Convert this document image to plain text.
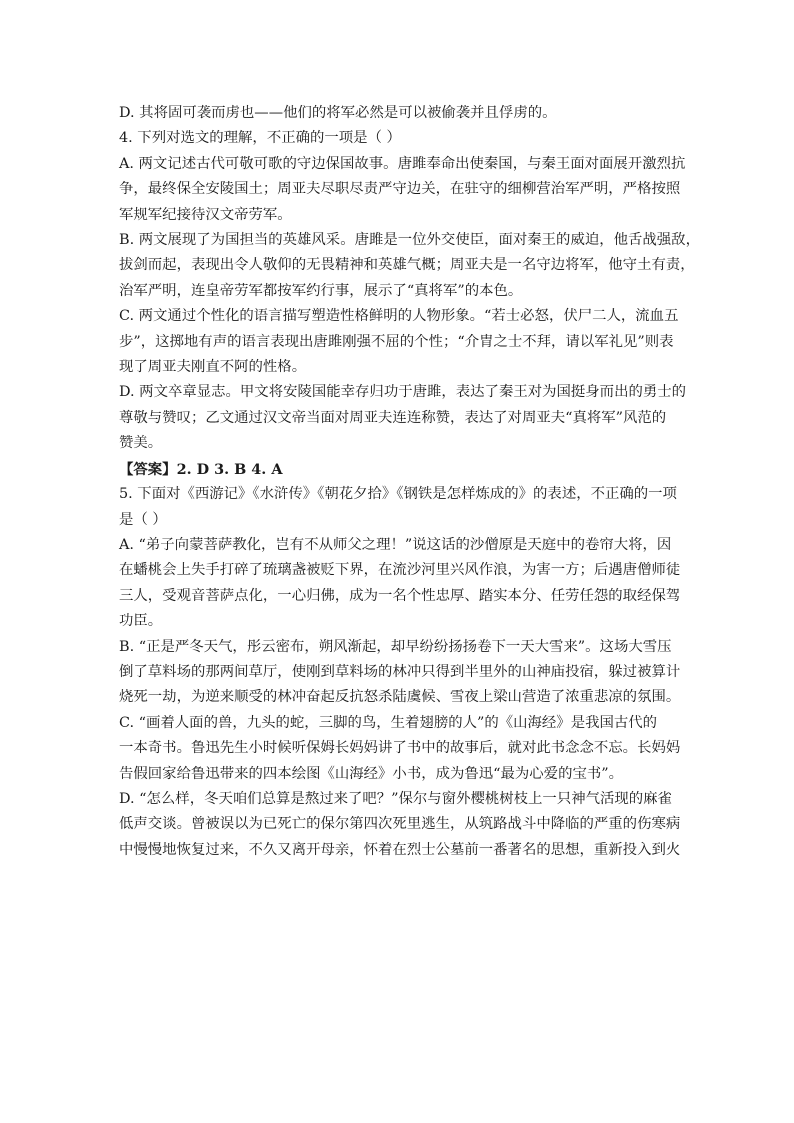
D. 其将固可袭而虏也——他们的将军必然是可以被偷袭并且俘虏的。

4. 下列对选文的理解，不正确的一项是（ ）

A. 两文记述古代可敬可歌的守边保国故事。唐雎奉命出使秦国，与秦王面对面展开激烈抗

争，最终保全安陵国土；周亚夫尽职尽责严守边关，在驻守的细柳营治军严明，严格按照

军规军纪接待汉文帝劳军。

B. 两文展现了为国担当的英雄风采。唐雎是一位外交使臣，面对秦王的威迫，他舌战强敌，

拔剑而起，表现出令人敬仰的无畏精神和英雄气概；周亚夫是一名守边将军，他守土有责，

治军严明，连皇帝劳军都按军约行事，展示了“真将军”的本色。

C. 两文通过个性化的语言描写塑造性格鲜明的人物形象。“若士必怒，伏尸二人，流血五

步”，这掷地有声的语言表现出唐雎刚强不屈的个性；“介胄之士不拜，请以军礼见”则表

现了周亚夫刚直不阿的性格。

D. 两文卒章显志。甲文将安陵国能幸存归功于唐雎，表达了秦王对为国挺身而出的勇士的

尊敬与赞叹；乙文通过汉文帝当面对周亚夫连连称赞，表达了对周亚夫“真将军”风范的

赞美。

【答案】2. D 3. B 4. A

5. 下面对《西游记》《水浒传》《朝花夕拾》《钢铁是怎样炼成的》的表述，不正确的一项

是（ ）

A. “弟子向蒙菩萨教化，岂有不从师父之理！”说这话的沙僧原是天庭中的卷帘大将，因

在蟠桃会上失手打碎了琉璃盏被贬下界，在流沙河里兴风作浪，为害一方；后遇唐僧师徒

三人，受观音菩萨点化，一心归佛，成为一名个性忠厚、踏实本分、任劳任怨的取经保驾

功臣。

B. “正是严冬天气，彤云密布，朔风渐起，却早纷纷扬扬卷下一天大雪来”。这场大雪压

倒了草料场的那两间草厅，使刚到草料场的林冲只得到半里外的山神庙投宿，躲过被算计

烧死一劫，为逆来顺受的林冲奋起反抗怒杀陆虞候、雪夜上梁山营造了浓重悲凉的氛围。

C. “画着人面的兽，九头的蛇，三脚的鸟，生着翅膀的人”的《山海经》是我国古代的

一本奇书。鲁迅先生小时候听保姆长妈妈讲了书中的故事后，就对此书念念不忘。长妈妈

告假回家给鲁迅带来的四本绘图《山海经》小书，成为鲁迅“最为心爱的宝书”。

D. “怎么样，冬天咱们总算是熬过来了吧？”保尔与窗外樱桃树枝上一只神气活现的麻雀

低声交谈。曾被误以为已死亡的保尔第四次死里逃生，从筑路战斗中降临的严重的伤寒病

中慢慢地恢复过来，不久又离开母亲，怀着在烈士公墓前一番著名的思想，重新投入到火
